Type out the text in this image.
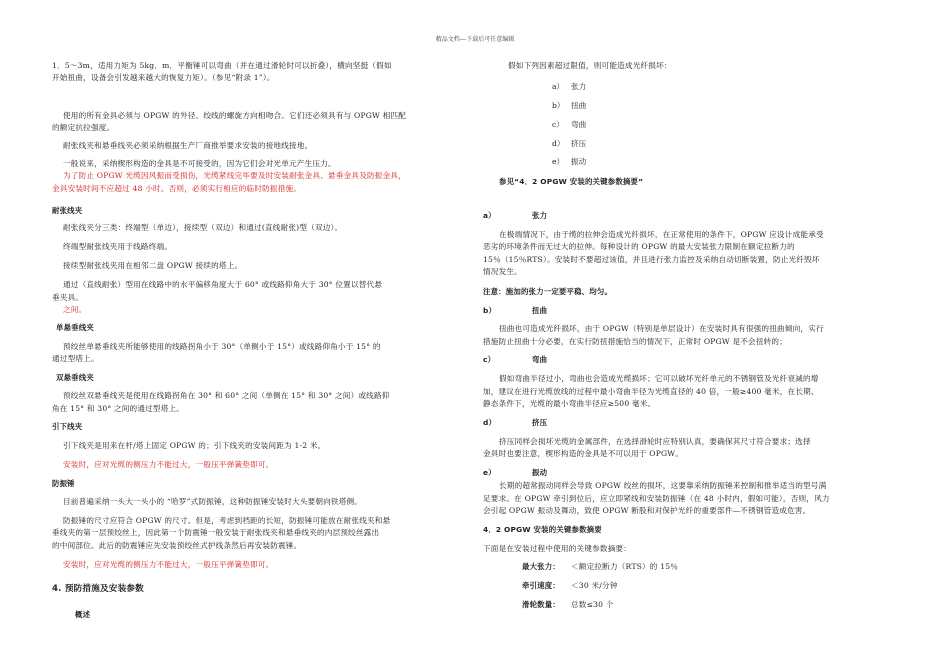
精品文档---下载后可任意编辑
1．5～3m，适用力矩为 5kg．m．平衡锤可以弯曲（并在通过滑轮时可以折叠），横向坚挺（假如
开始扭曲，设备会引发越来越大的恢复力矩）。（参见“附录 1”）。
使用的所有金具必须与 OPGW 的外径、绞线的螺旋方向相吻合。它们还必须具有与 OPGW 相匹配
的额定抗拉强度。
耐张线夹和悬垂线夹必须采纳根据生产厂商推举要求安装的接地线接地。
一般说来，采纳楔形构造的金具是不可接受的，因为它们会对光单元产生压力。
为了防止 OPGW 光缆因风振而受损伤，光缆紧线完毕要及时安装耐张金具、悬垂金具及防振金具，
金具安装时间不应超过 48 小时。否则，必须实行相应的临时防振措施。
耐张线夹
耐张线夹分三类：终端型（单边），接续型（双边）和通过(直线耐张)型（双边）。
终端型耐张线夹用于线路终端。
接续型耐张线夹用在相邻二盘 OPGW 接续的塔上。
通过（直线耐张）型用在线路中的水平偏移角度大于 60° 或线路仰角大于 30° 位置以替代悬
垂夹具。
之间。
单悬垂线夹
预绞丝单悬垂线夹所能够使用的线路拐角小于 30°（单侧小于 15°）或线路仰角小于 15° 的
通过型塔上。
双悬垂线夹
预绞丝双悬垂线夹是使用在线路拐角在 30° 和 60° 之间（单侧在 15° 和 30° 之间）或线路仰
角在 15° 和 30° 之间的通过型塔上。
引下线夹
引下线夹是用来在杆/塔上固定 OPGW 的；引下线夹的安装间距为 1-2 米。
安装时，应对光缆的侧压力不能过大，一般压平弹簧垫即可。
防振锤
目前普遍采纳一头大一头小的 “哈罗”式防振锤，这种防振锤安装时大头要朝向铁塔侧。
防振锤的尺寸应符合 OPGW 的尺寸。但是，考虑到档距的长短，防振锤可能放在耐张线夹和悬
垂线夹的第一层预绞丝上，因此第一个防震锤一般安装于耐张线夹和悬垂线夹的内层预绞丝露出
的中间部位。此后的防震锤应先安装预绞丝式护线条然后再安装防震锤。
安装时，应对光缆的侧压力不能过大，一般压平弹簧垫即可。
4. 预防措施及安装参数
概述
假如下列因素超过限值，则可能造成光纤损坏：
a） 张力
b） 扭曲
c） 弯曲
d） 挤压
e） 振动
参见“4．2 OPGW 安装的关键参数摘要”
a）	张力
在极端情况下，由于缆的拉伸会造成光纤损坏，在正常使用的条件下，OPGW 应设计成能承受
恶劣的环境条件而无过大的拉伸。每种设计的 OPGW 的最大安装张力限制在额定拉断力的
15％（15％RTS）。安装时不要超过该值，并且进行张力监控及采纳自动切断装置，防止光纤毁坏
情况发生。
注意：施加的张力一定要平稳、均匀。
b）	扭曲
扭曲也可造成光纤损坏，由于 OPGW（特别是单层设计）在安装时具有很强的扭曲倾向，实行
措施防止扭曲十分必要，在实行防扭措施恰当的情况下，正常时 OPGW 是不会扭转的；
c）	弯曲
假如弯曲半径过小，弯曲也会造成光缆损坏；它可以破坏光纤单元的不锈钢管及光纤衰减的增
加，建议在进行光缆放线的过程中最小弯曲半径为光缆直径的 40 倍，一般≥400 毫米，在长期、
静态条件下，光缆的最小弯曲半径应≥500 毫米。
d）	挤压
挤压同样会损坏光缆的金属部件，在选择滑轮时应特别认真，要确保其尺寸符合要求；选择
金具时也要注意，楔形构造的金具是不可以用于 OPGW。
e）	振动
长期的超常振动同样会导致 OPGW 绞丝的损坏，这要靠采纳防振锤来控制和推举适当的型号满
足要求。在 OPGW 牵引到位后，应立即紧线和安装防振锤（在 48 小时内，假如可能），否则，风力
会引起 OPGW 振动及舞动，致使 OPGW 断股和对保护光纤的重要部件—不锈钢管造成危害。
4．2 OPGW 安装的关键参数摘要
下面是在安装过程中使用的关键参数摘要：
最大张力： ＜额定拉断力（RTS）的 15％
牵引速度： ＜30 米/分钟
滑轮数量： 总数≤30 个
